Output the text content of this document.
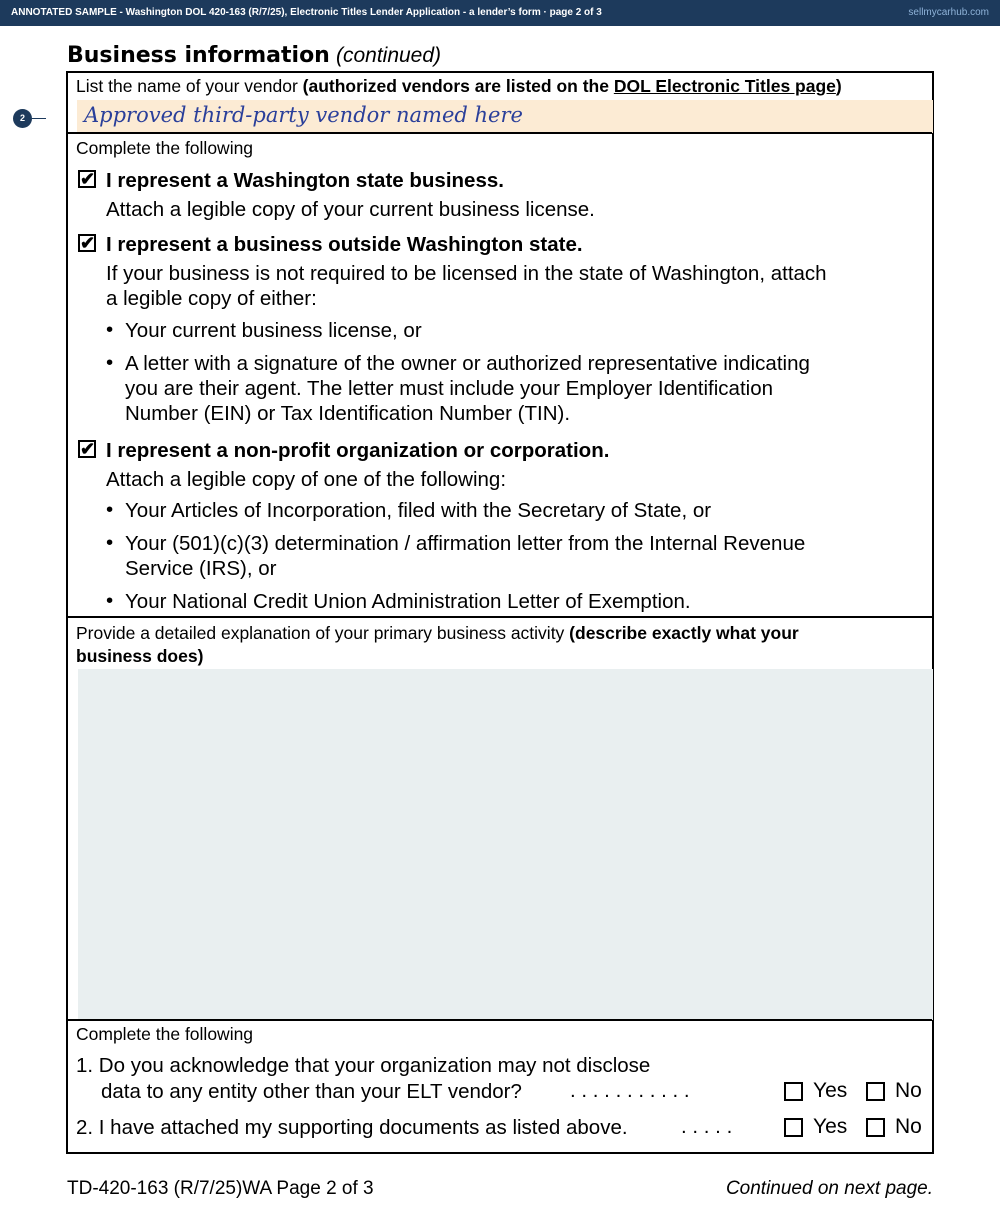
ANNOTATED SAMPLE - Washington DOL 420-163 (R/7/25), Electronic Titles Lender Application - a lender’s form · page 2 of 3	sellmycarhub.com
Business information (continued)
2
List the name of your vendor (authorized vendors are listed on the DOL Electronic Titles page)
Approved third-party vendor named here
Complete the following
✔ I represent a Washington state business.
Attach a legible copy of your current business license.
✔ I represent a business outside Washington state.
If your business is not required to be licensed in the state of Washington, attach
a legible copy of either:
• Your current business license, or
• A letter with a signature of the owner or authorized representative indicating
you are their agent. The letter must include your Employer Identification
Number (EIN) or Tax Identification Number (TIN).
✔ I represent a non-profit organization or corporation.
Attach a legible copy of one of the following:
• Your Articles of Incorporation, filed with the Secretary of State, or
• Your (501)(c)(3) determination / affirmation letter from the Internal Revenue
Service (IRS), or
• Your National Credit Union Administration Letter of Exemption.
Provide a detailed explanation of your primary business activity (describe exactly what your
business does)
Complete the following
1. Do you acknowledge that your organization may not disclose
data to any entity other than your ELT vendor? . . . . . . . . . . .	Yes No
2. I have attached my supporting documents as listed above.	. . . . .	Yes No
TD-420-163 (R/7/25)WA Page 2 of 3	Continued on next page.
